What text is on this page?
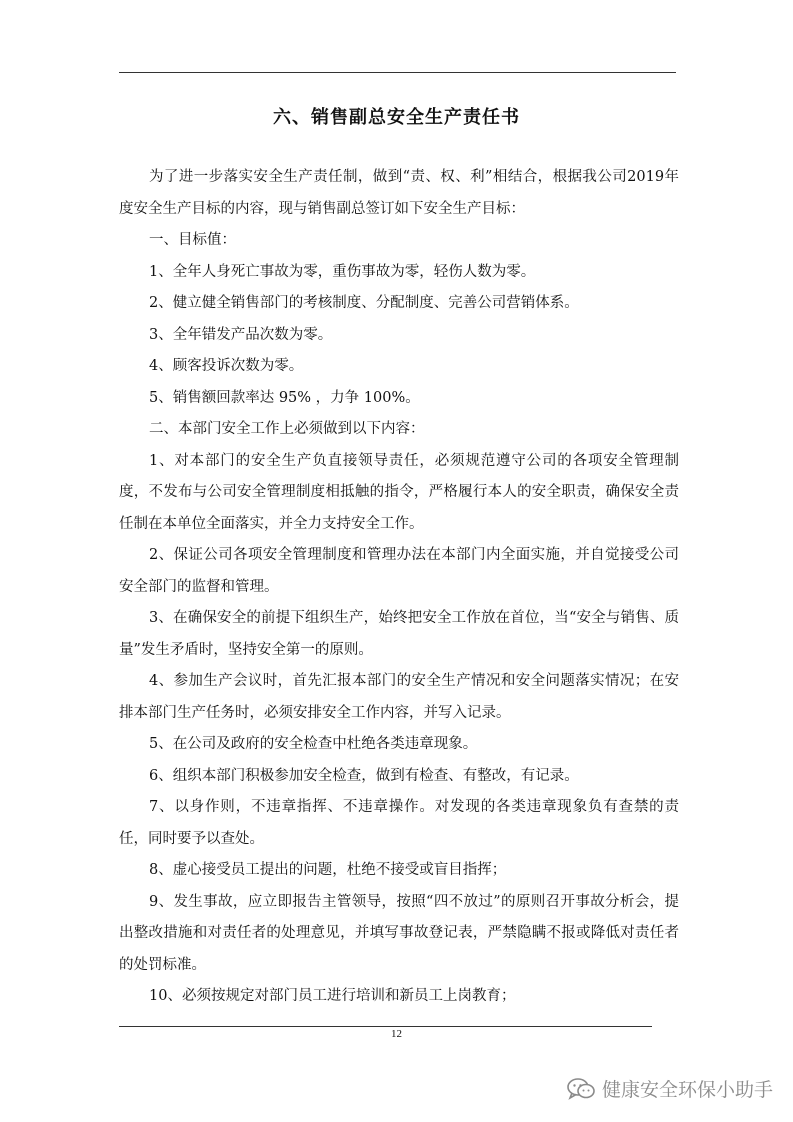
六、销售副总安全生产责任书

为了进一步落实安全生产责任制，做到“责、权、利”相结合，根据我公司2019年度安全生产目标的内容，现与销售副总签订如下安全生产目标：

一、目标值：

1、全年人身死亡事故为零，重伤事故为零，轻伤人数为零。

2、健立健全销售部门的考核制度、分配制度、完善公司营销体系。

3、全年错发产品次数为零。

4、顾客投诉次数为零。

5、销售额回款率达 95% ，力争 100%。

二、本部门安全工作上必须做到以下内容：

1、对本部门的安全生产负直接领导责任，必须规范遵守公司的各项安全管理制度，不发布与公司安全管理制度相抵触的指令，严格履行本人的安全职责，确保安全责任制在本单位全面落实，并全力支持安全工作。

2、保证公司各项安全管理制度和管理办法在本部门内全面实施，并自觉接受公司安全部门的监督和管理。

3、在确保安全的前提下组织生产，始终把安全工作放在首位，当“安全与销售、质量”发生矛盾时，坚持安全第一的原则。

4、参加生产会议时，首先汇报本部门的安全生产情况和安全问题落实情况；在安排本部门生产任务时，必须安排安全工作内容，并写入记录。

5、在公司及政府的安全检查中杜绝各类违章现象。

6、组织本部门积极参加安全检查，做到有检查、有整改，有记录。

7、以身作则，不违章指挥、不违章操作。对发现的各类违章现象负有查禁的责任，同时要予以查处。

8、虚心接受员工提出的问题，杜绝不接受或盲目指挥；

9、发生事故，应立即报告主管领导，按照“四不放过”的原则召开事故分析会，提出整改措施和对责任者的处理意见，并填写事故登记表，严禁隐瞒不报或降低对责任者的处罚标准。

10、必须按规定对部门员工进行培训和新员工上岗教育；

12
健康安全环保小助手
